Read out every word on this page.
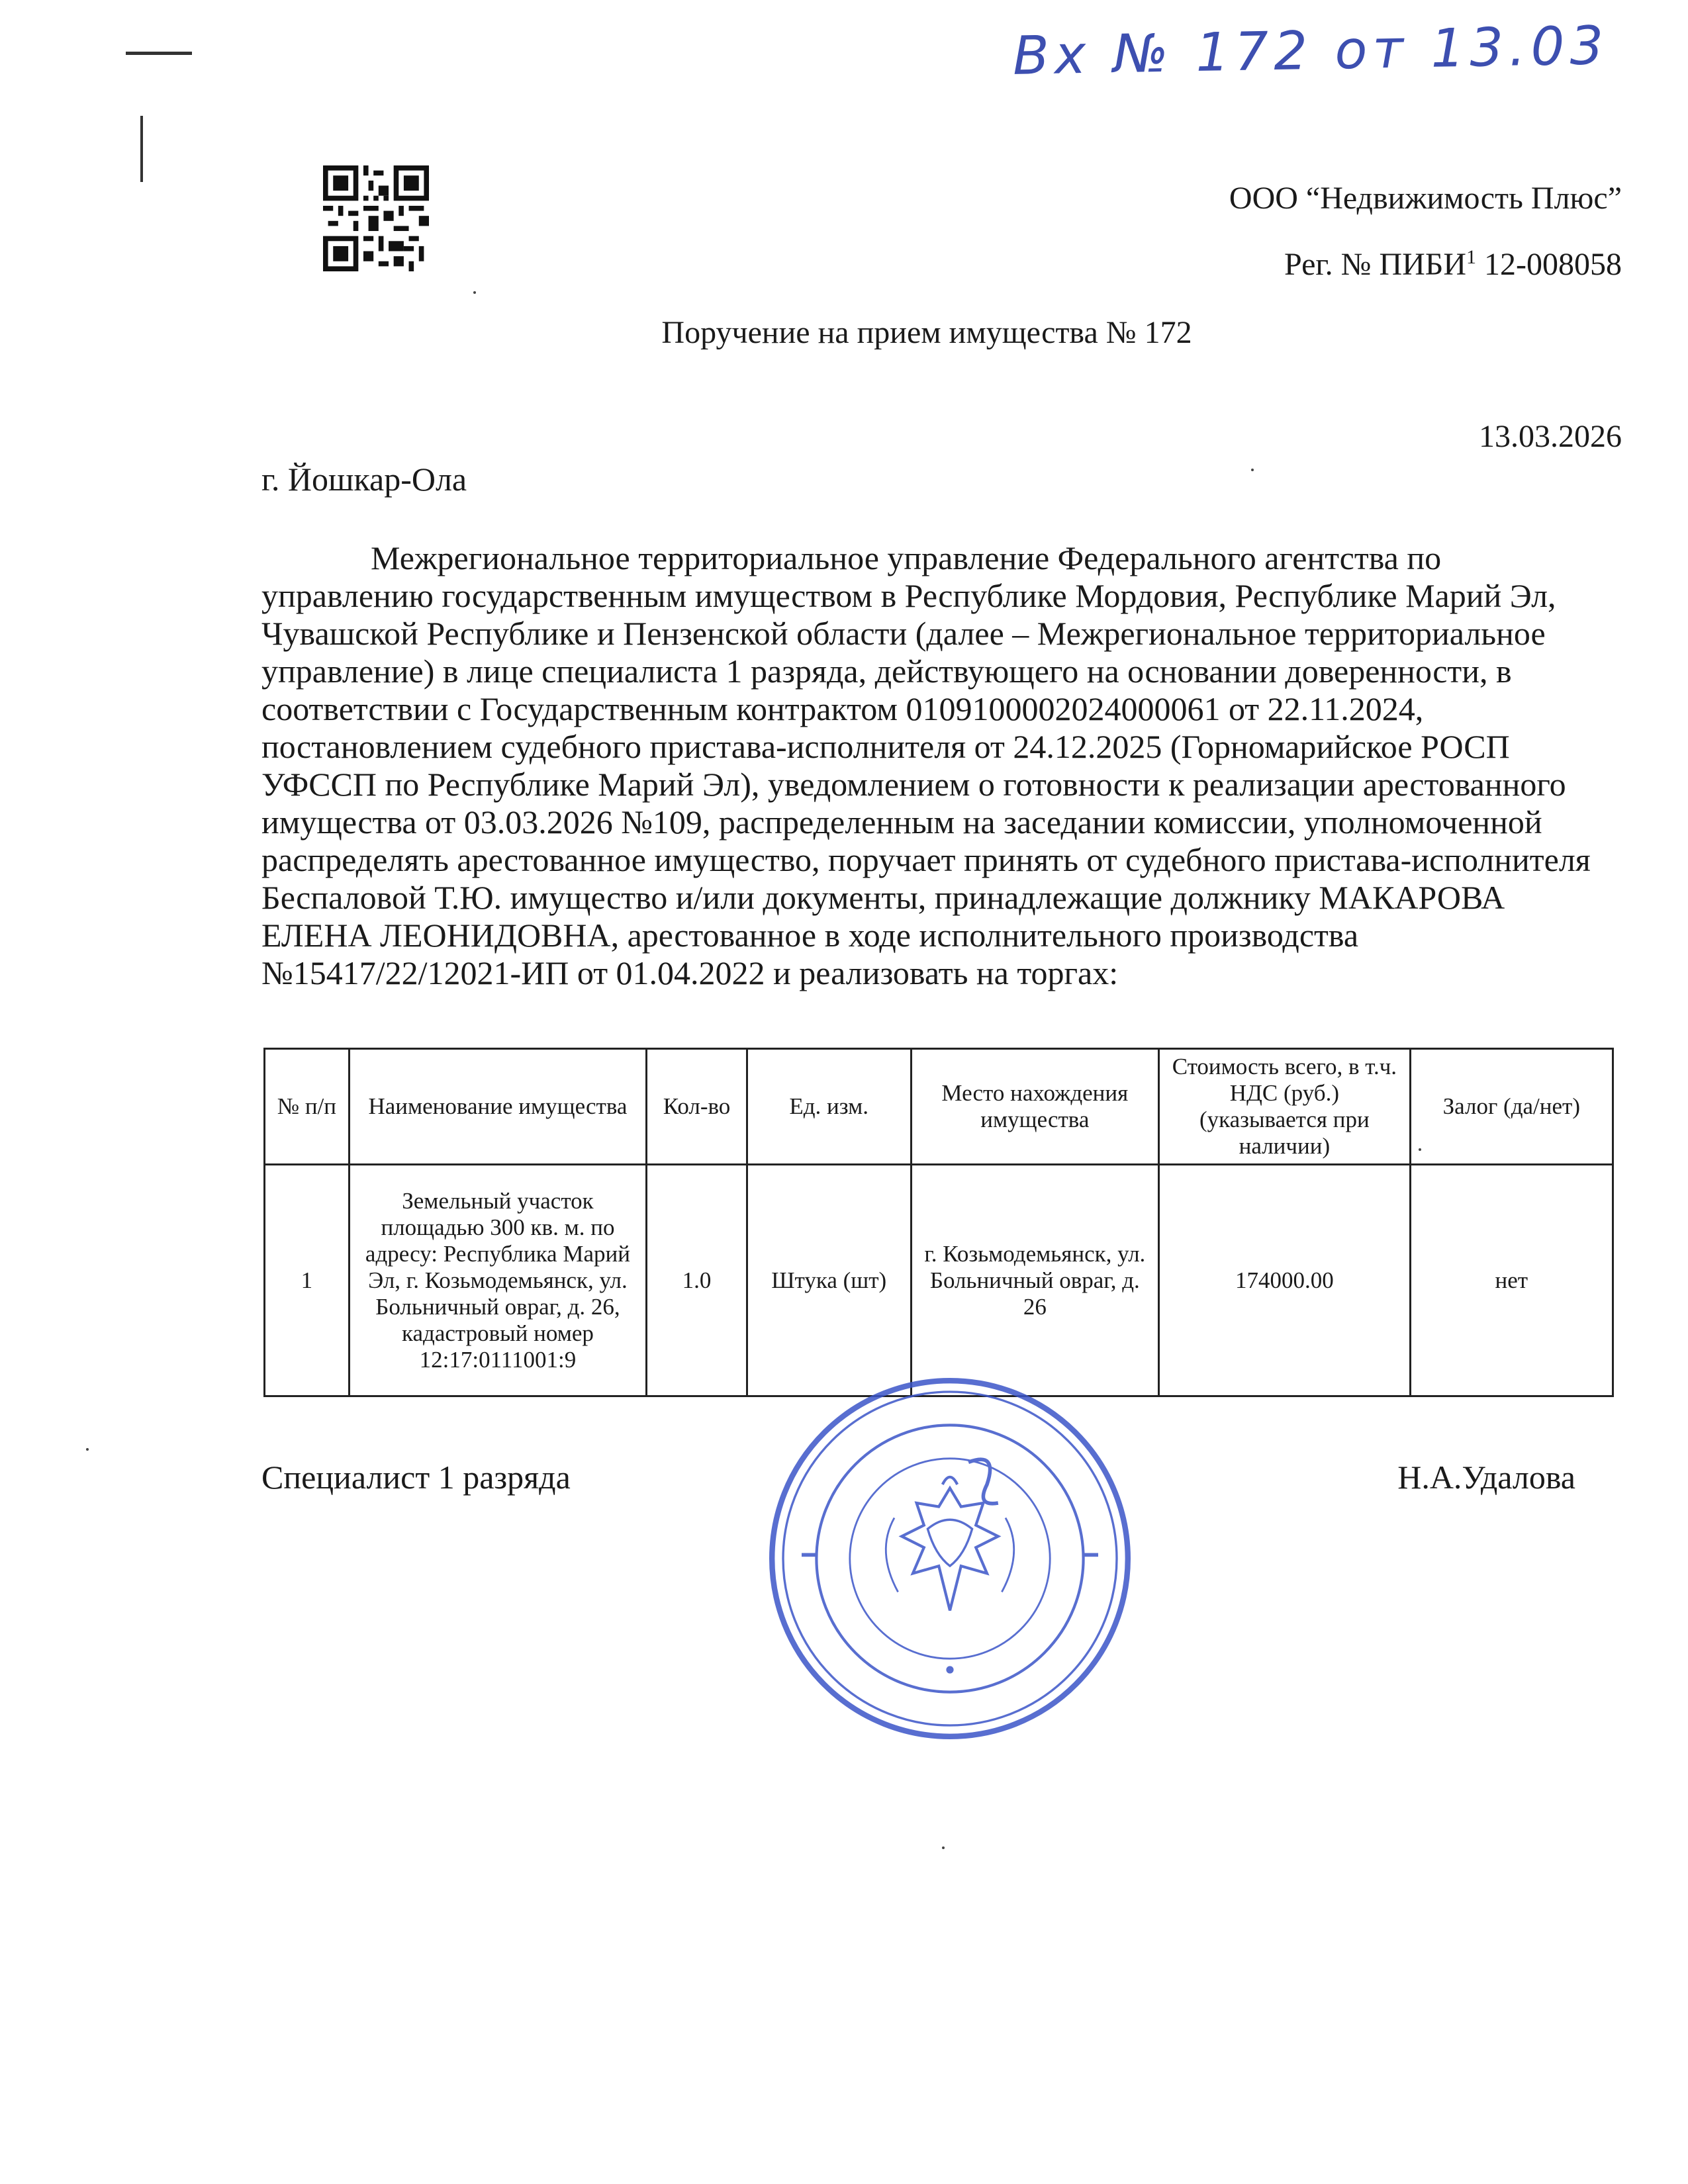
Вх № 172 от 13.03
ООО “Недвижимость Плюс”
Рег. № ПИБИ$^1$ 12-008058
Поручение на прием имущества № 172
13.03.2026
г. Йошкар-Ола
Межрегиональное территориальное управление Федерального агентства по управлению государственным имуществом в Республике Мордовия, Республике Марий Эл, Чувашской Республике и Пензенской области (далее – Межрегиональное территориальное управление) в лице специалиста 1 разряда, действующего на основании доверенности, в соответствии с Государственным контрактом 0109100002024000061 от 22.11.2024, постановлением судебного пристава-исполнителя от 24.12.2025 (Горномарийское РОСП УФССП по Республике Марий Эл), уведомлением о готовности к реализации арестованного имущества от 03.03.2026 №109, распределенным на заседании комиссии, уполномоченной распределять арестованное имущество, поручает принять от судебного пристава-исполнителя Беспаловой Т.Ю. имущество и/или документы, принадлежащие должнику МАКАРОВА ЕЛЕНА ЛЕОНИДОВНА, арестованное в ходе исполнительного производства №15417/22/12021-ИП от 01.04.2022 и реализовать на торгах:
№ п/п	Наименование имущества	Кол-во	Ед. изм.	Место нахождения имущества	Стоимость всего, в т.ч. НДС (руб.) (указывается при наличии)	Залог (да/нет)
1	Земельный участок площадью 300 кв. м. по адресу: Республика Марий Эл, г. Козьмодемьянск, ул. Больничный овраг, д. 26, кадастровый номер 12:17:0111001:9	1.0	Штука (шт)	г. Козьмодемьянск, ул. Больничный овраг, д. 26	174000.00	нет
Специалист 1 разряда	Н.А.Удалова
